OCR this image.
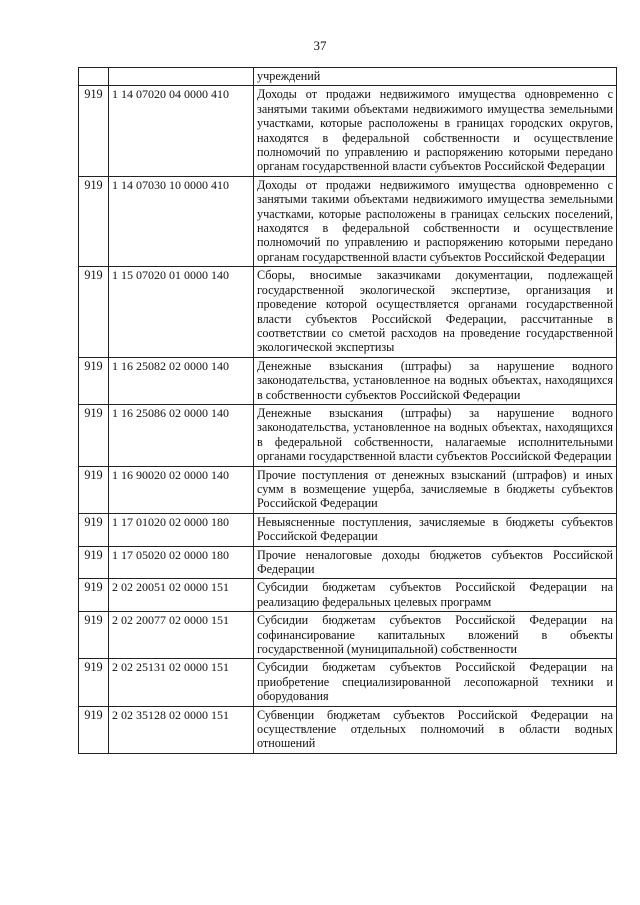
37
		учреждений
919	1 14 07020 04 0000 410	Доходы от продажи недвижимого имущества одновременно с занятыми такими объектами недвижимого имущества земельными участками, которые расположены в границах городских округов, находятся в федеральной собственности и осуществление полномочий по управлению и распоряжению которыми передано органам государственной власти субъектов Российской Федерации
919	1 14 07030 10 0000 410	Доходы от продажи недвижимого имущества одновременно с занятыми такими объектами недвижимого имущества земельными участками, которые расположены в границах сельских поселений, находятся в федеральной собственности и осуществление полномочий по управлению и распоряжению которыми передано органам государственной власти субъектов Российской Федерации
919	1 15 07020 01 0000 140	Сборы, вносимые заказчиками документации, подлежащей государственной экологической экспертизе, организация и проведение которой осуществляется органами государственной власти субъектов Российской Федерации, рассчитанные в соответствии со сметой расходов на проведение государственной экологической экспертизы
919	1 16 25082 02 0000 140	Денежные взыскания (штрафы) за нарушение водного законодательства, установленное на водных объектах, находящихся в собственности субъектов Российской Федерации
919	1 16 25086 02 0000 140	Денежные взыскания (штрафы) за нарушение водного законодательства, установленное на водных объектах, находящихся в федеральной собственности, налагаемые исполнительными органами государственной власти субъектов Российской Федерации
919	1 16 90020 02 0000 140	Прочие поступления от денежных взысканий (штрафов) и иных сумм в возмещение ущерба, зачисляемые в бюджеты субъектов Российской Федерации
919	1 17 01020 02 0000 180	Невыясненные поступления, зачисляемые в бюджеты субъектов Российской Федерации
919	1 17 05020 02 0000 180	Прочие неналоговые доходы бюджетов субъектов Российской Федерации
919	2 02 20051 02 0000 151	Субсидии бюджетам субъектов Российской Федерации на реализацию федеральных целевых программ
919	2 02 20077 02 0000 151	Субсидии бюджетам субъектов Российской Федерации на софинансирование капитальных вложений в объекты государственной (муниципальной) собственности
919	2 02 25131 02 0000 151	Субсидии бюджетам субъектов Российской Федерации на приобретение специализированной лесопожарной техники и оборудования
919	2 02 35128 02 0000 151	Субвенции бюджетам субъектов Российской Федерации на осуществление отдельных полномочий в области водных отношений
